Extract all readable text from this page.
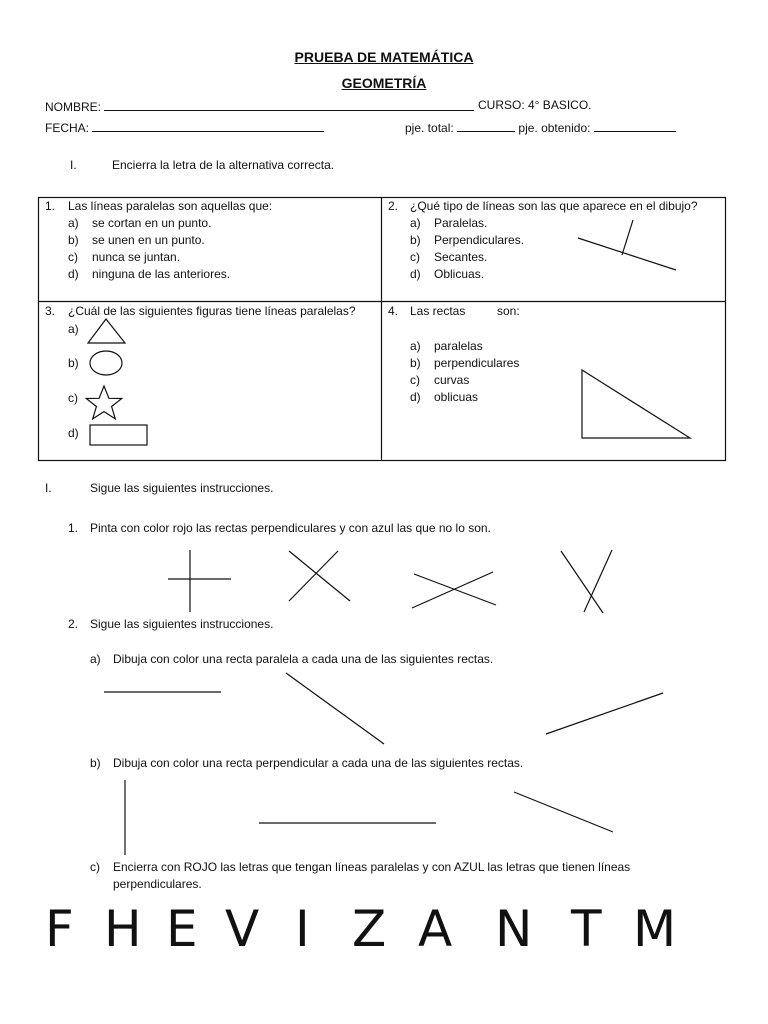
PRUEBA DE MATEMÁTICA
GEOMETRÍA
NOMBRE:	CURSO: 4° BASICO.
FECHA:	pje. total:	pje. obtenido:
I.	Encierra la letra de la alternativa correcta.
1. Las líneas paralelas son aquellas que:
a) se cortan en un punto.
b) se unen en un punto.
c) nunca se juntan.
d) ninguna de las anteriores.
2. ¿Qué tipo de líneas son las que aparece en el dibujo?
a) Paralelas.
b) Perpendiculares.
c) Secantes.
d) Oblicuas.
3. ¿Cuál de las siguientes figuras tiene líneas paralelas?
a)
b)
c)
d)
4. Las rectas	son:
a) paralelas
b) perpendiculares
c) curvas
d) oblicuas
I.	Sigue las siguientes instrucciones.
1. Pinta con color rojo las rectas perpendiculares y con azul las que no lo son.
2. Sigue las siguientes instrucciones.
a) Dibuja con color una recta paralela a cada una de las siguientes rectas.
b) Dibuja con color una recta perpendicular a cada una de las siguientes rectas.
c) Encierra con ROJO las letras que tengan líneas paralelas y con AZUL las letras que tienen líneas
perpendiculares.
F H E V I Z A N T M
